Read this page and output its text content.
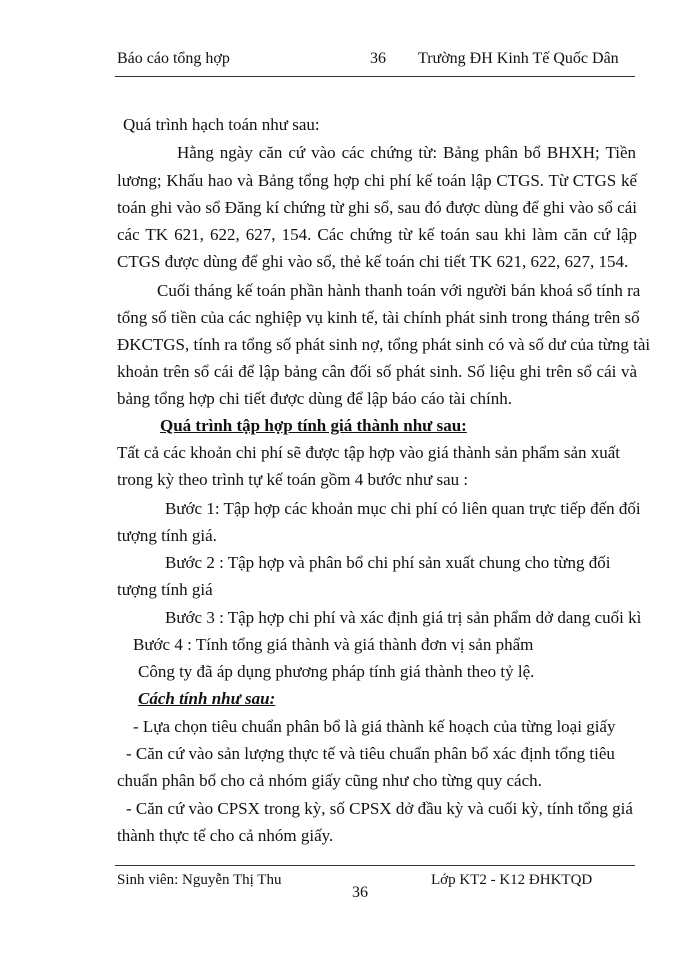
Báo cáo tổng hợp	36 Trường ĐH Kinh Tế Quốc Dân
Quá trình hạch toán như sau:
Hằng ngày căn cứ vào các chứng từ: Bảng phân bổ BHXH; Tiền
lương; Khấu hao và Bảng tổng hợp chi phí kế toán lập CTGS. Từ CTGS kế
toán ghi vào sổ Đăng kí chứng từ ghi sổ, sau đó được dùng để ghi vào sổ cái
các TK 621, 622, 627, 154. Các chứng từ kế toán sau khi làm căn cứ lập
CTGS được dùng để ghi vào sổ, thẻ kế toán chi tiết TK 621, 622, 627, 154.
Cuối tháng kế toán phần hành thanh toán với người bán khoá sổ tính ra
tổng số tiền của các nghiệp vụ kinh tế, tài chính phát sinh trong tháng trên sổ
ĐKCTGS, tính ra tổng số phát sinh nợ, tổng phát sinh có và số dư của từng tài
khoản trên sổ cái để lập bảng cân đối số phát sinh. Số liệu ghi trên sổ cái và
bảng tổng hợp chi tiết được dùng để lập báo cáo tài chính.
Quá trình tập hợp tính giá thành như sau:
Tất cả các khoản chi phí sẽ được tập hợp vào giá thành sản phẩm sản xuất
trong kỳ theo trình tự kế toán gồm 4 bước như sau :
Bước 1: Tập hợp các khoản mục chi phí có liên quan trực tiếp đến đối
tượng tính giá.
Bước 2 : Tập hợp và phân bổ chi phí sản xuất chung cho từng đối
tượng tính giá
Bước 3 : Tập hợp chi phí và xác định giá trị sản phẩm dở dang cuối kì
Bước 4 : Tính tổng giá thành và giá thành đơn vị sản phẩm
Công ty đã áp dụng phương pháp tính giá thành theo tỷ lệ.
Cách tính như sau:
- Lựa chọn tiêu chuẩn phân bổ là giá thành kế hoạch của từng loại giấy
- Căn cứ vào sản lượng thực tế và tiêu chuẩn phân bổ xác định tổng tiêu
chuẩn phân bổ cho cả nhóm giấy cũng như cho từng quy cách.
- Căn cứ vào CPSX trong kỳ, số CPSX dở đầu kỳ và cuối kỳ, tính tổng giá
thành thực tế cho cả nhóm giấy.
Sinh viên: Nguyễn Thị Thu
36
Lớp KT2 - K12 ĐHKTQD
